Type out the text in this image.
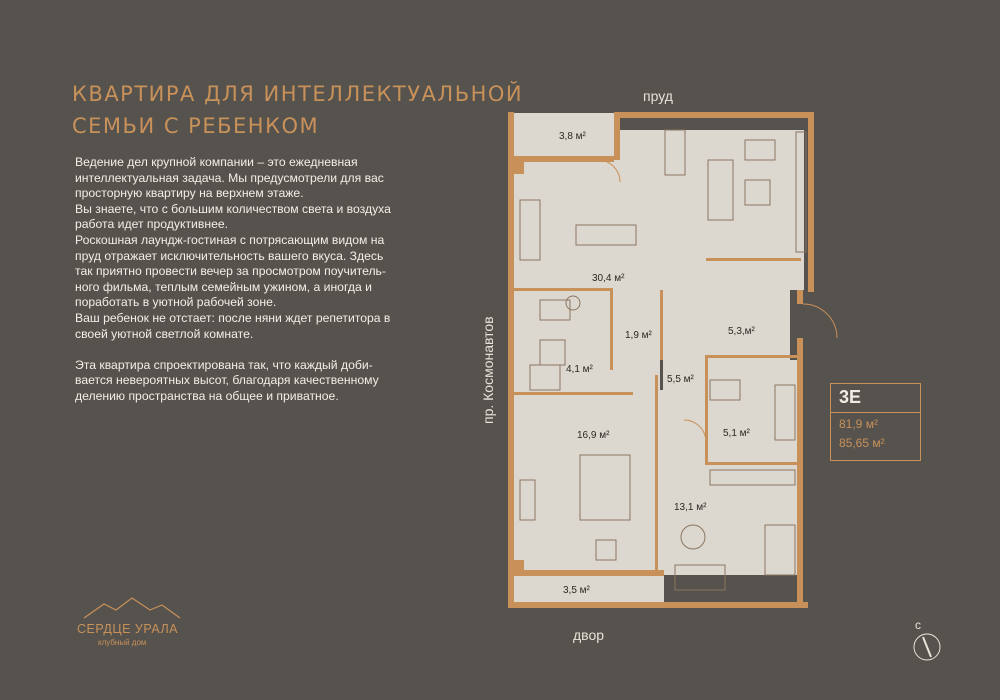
КВАРТИРА ДЛЯ ИНТЕЛЛЕКТУАЛЬНОЙ
СЕМЬИ С РЕБЕНКОМ

Ведение дел крупной компании – это ежедневная

интеллектуальная задача. Мы предусмотрели для вас

просторную квартиру на верхнем этаже.

Вы знаете, что с большим количеством света и воздуха

работа идет продуктивнее.

Роскошная лаундж-гостиная с потрясающим видом на

пруд отражает исключительность вашего вкуса. Здесь

так приятно провести вечер за просмотром поучитель-

ного фильма, теплым семейным ужином, а иногда и

поработать в уютной рабочей зоне.

Ваш ребенок не отстает: после няни ждет репетитора в

своей уютной светлой комнате.

Эта квартира спроектирована так, что каждый доби-

вается невероятных высот, благодаря качественному

делению пространства на общее и приватное.

3,8 м²
30,4 м²
1,9 м²	5,3,м²
4,1 м²
5,5 м²
5,1 м²
16,9 м²
13,1 м²
3,5 м²
пруд
двор
пр. Космонавтов	3Е
81,9 м²
85,65 м²
СЕРДЦЕ УРАЛА
клубный дом
с
